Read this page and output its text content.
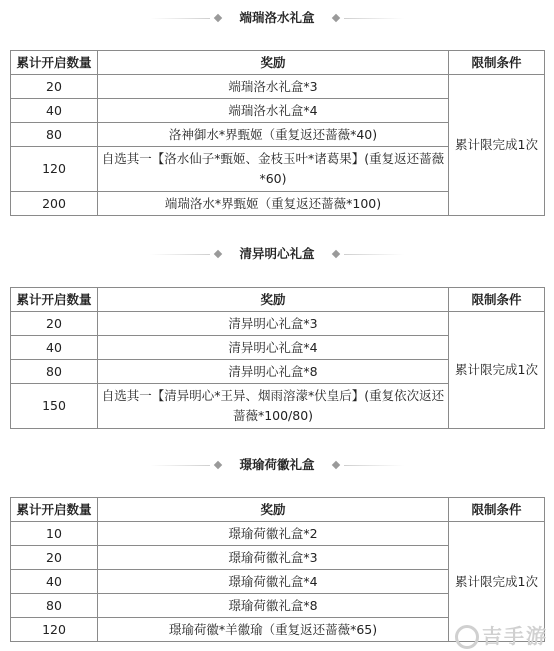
端瑞洛水礼盒
累计开启数量	奖励	限制条件
20	端瑞洛水礼盒*3	累计限完成1次
40	端瑞洛水礼盒*4	
80	洛神御水*界甄姬（重复返还蔷薇*40)	
120	自选其一【洛水仙子*甄姬、金枝玉叶*诸葛果】(重复返还蔷薇*60)	
200	端瑞洛水*界甄姬（重复返还蔷薇*100)	
清异明心礼盒
累计开启数量	奖励	限制条件
20	清异明心礼盒*3	累计限完成1次
40	清异明心礼盒*4	
80	清异明心礼盒*8	
150	自选其一【清异明心*王异、烟雨溶濛*伏皇后】(重复依次返还蔷薇*100/80)	
璟瑜荷徽礼盒
累计开启数量	奖励	限制条件
10	璟瑜荷徽礼盒*2	累计限完成1次
20	璟瑜荷徽礼盒*3	
40	璟瑜荷徽礼盒*4	
80	璟瑜荷徽礼盒*8	
120	璟瑜荷徽*羊徽瑜（重复返还蔷薇*65)		吉手游
